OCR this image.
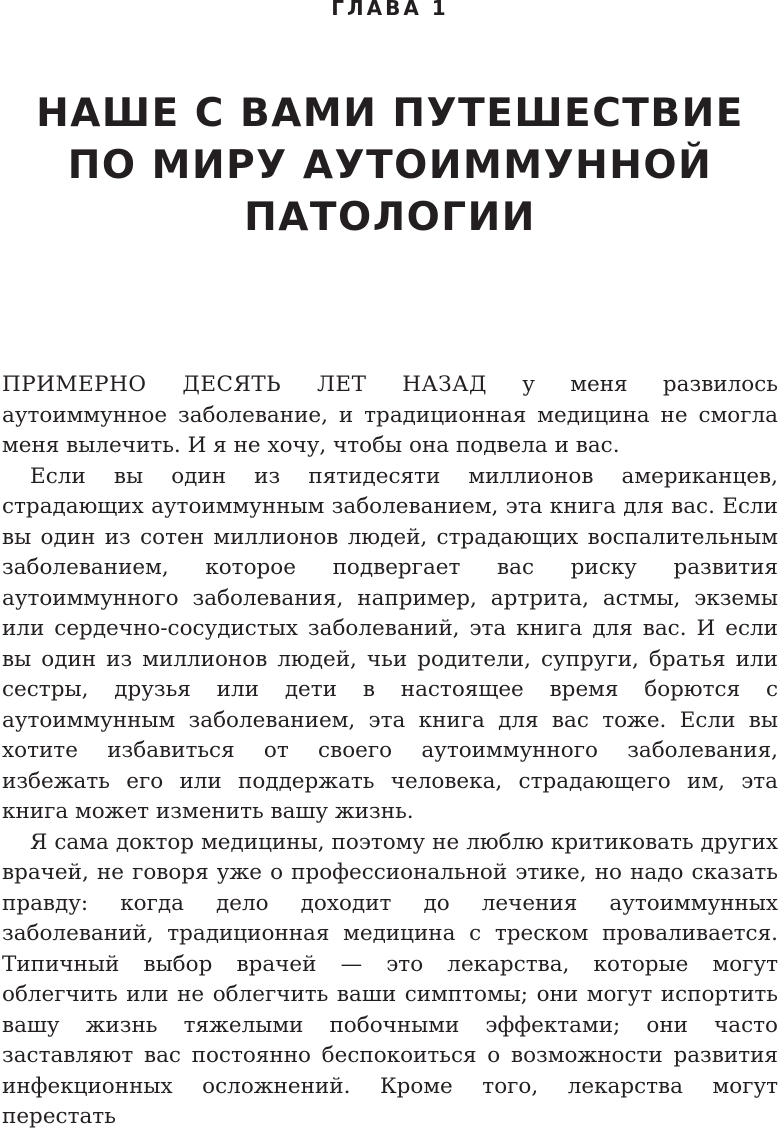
ГЛАВА 1
НАШЕ С ВАМИ ПУТЕШЕСТВИЕ
ПО МИРУ АУТОИММУННОЙ
ПАТОЛОГИИ

ПРИМЕРНО ДЕСЯТЬ ЛЕТ НАЗАД у меня развилось аутоиммунное заболевание, и традиционная медицина не смогла меня вылечить. И я не хочу, чтобы она подвела и вас.

Если вы один из пятидесяти миллионов американцев, страдающих аутоиммунным заболеванием, эта книга для вас. Если вы один из сотен миллионов людей, страдающих воспалительным заболеванием, которое подвергает вас риску развития аутоиммунного заболевания, например, артрита, астмы, экземы или сердечно-сосудистых заболеваний, эта книга для вас. И если вы один из миллионов людей, чьи родители, супруги, братья или сестры, друзья или дети в настоящее время борются с аутоиммунным заболеванием, эта книга для вас тоже. Если вы хотите избавиться от своего аутоиммунного заболевания, избежать его или поддержать человека, страдающего им, эта книга может изменить вашу жизнь.

Я сама доктор медицины, поэтому не люблю критиковать других врачей, не говоря уже о профессиональной этике, но надо сказать правду: когда дело доходит до лечения аутоиммунных заболеваний, традиционная медицина с треском проваливается. Типичный выбор врачей — это лекарства, которые могут облегчить или не облегчить ваши симптомы; они могут испортить вашу жизнь тяжелыми побочными эффектами; они часто заставляют вас постоянно беспокоиться о возможности развития инфекционных осложнений. Кроме того, лекарства могут перестать
